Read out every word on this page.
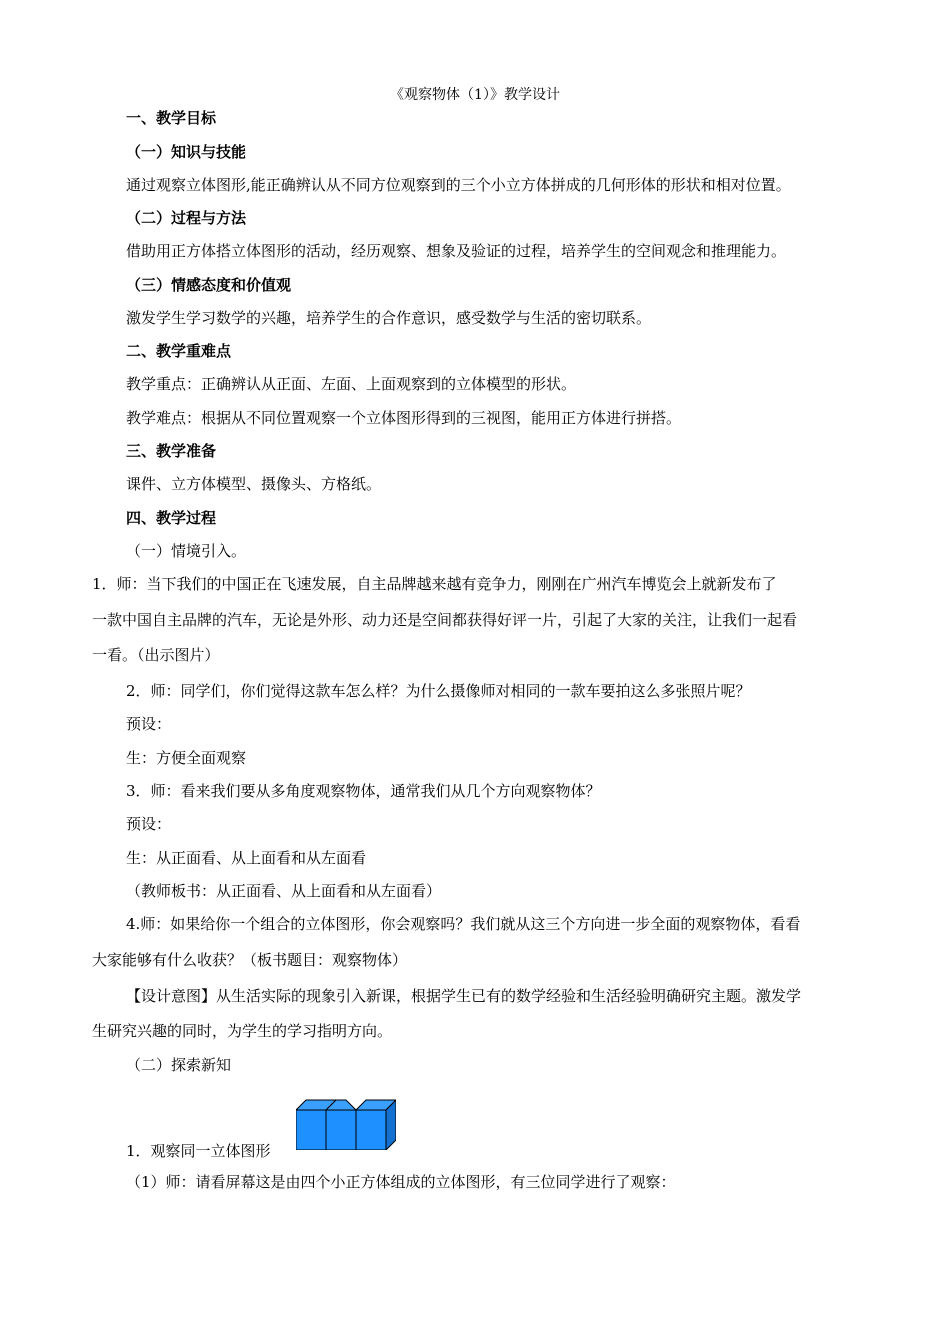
《观察物体（1）》教学设计
一、教学目标
（一）知识与技能
通过观察立体图形,能正确辨认从不同方位观察到的三个小立方体拼成的几何形体的形状和相对位置。
（二）过程与方法
借助用正方体搭立体图形的活动，经历观察、想象及验证的过程，培养学生的空间观念和推理能力。
（三）情感态度和价值观
激发学生学习数学的兴趣，培养学生的合作意识，感受数学与生活的密切联系。
二、教学重难点
教学重点：正确辨认从正面、左面、上面观察到的立体模型的形状。
教学难点：根据从不同位置观察一个立体图形得到的三视图，能用正方体进行拼搭。
三、教学准备
课件、立方体模型、摄像头、方格纸。
四、教学过程
（一）情境引入。
1．师：当下我们的中国正在飞速发展，自主品牌越来越有竞争力，刚刚在广州汽车博览会上就新发布了
一款中国自主品牌的汽车，无论是外形、动力还是空间都获得好评一片，引起了大家的关注，让我们一起看
一看。（出示图片）
2．师：同学们，你们觉得这款车怎么样？为什么摄像师对相同的一款车要拍这么多张照片呢？
预设：
生：方便全面观察
3．师：看来我们要从多角度观察物体，通常我们从几个方向观察物体？
预设：
生：从正面看、从上面看和从左面看
（教师板书：从正面看、从上面看和从左面看）
4.师：如果给你一个组合的立体图形，你会观察吗？我们就从这三个方向进一步全面的观察物体，看看
大家能够有什么收获？（板书题目：观察物体）
【设计意图】从生活实际的现象引入新课，根据学生已有的数学经验和生活经验明确研究主题。激发学
生研究兴趣的同时，为学生的学习指明方向。
（二）探索新知
1．观察同一立体图形
（1）师：请看屏幕这是由四个小正方体组成的立体图形，有三位同学进行了观察：
